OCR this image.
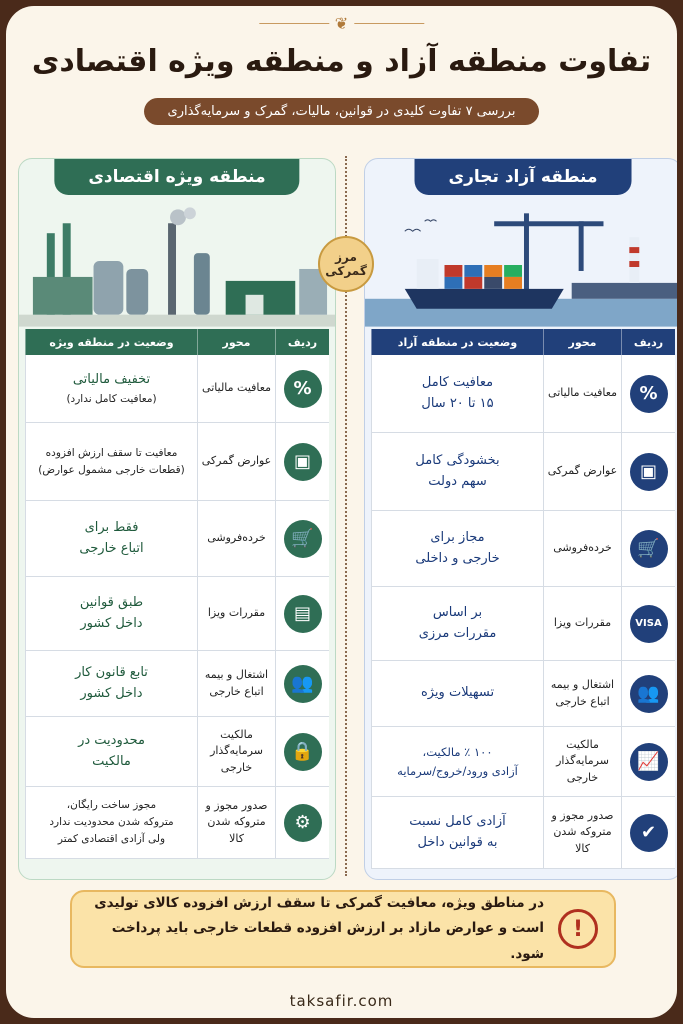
❦
تفاوت منطقه آزاد و منطقه ویژه اقتصادی
بررسی ۷ تفاوت کلیدی در قوانین، مالیات، گمرک و سرمایه‌گذاری
مرز
گمرکی
منطقه ویژه اقتصادی
ردیف
محور
وضعیت در منطقه ویژه
%
معافیت مالیاتی
تخفیف مالیاتی
(معافیت کامل ندارد)
▣
عوارض گمرکی
معافیت تا سقف ارزش افزوده
(قطعات خارجی مشمول عوارض)
🛒
خرده‌فروشی
فقط برای
اتباع خارجی
▤
مقررات ویزا
طبق قوانین
داخل کشور
👥
اشتغال و بیمه اتباع خارجی
تابع قانون کار
داخل کشور
🔒
مالکیت سرمایه‌گذار خارجی
محدودیت در
مالکیت
⚙
صدور مجوز و متروکه شدن کالا
مجوز ساخت رایگان،
متروکه شدن محدودیت ندارد
ولی آزادی اقتصادی کمتر
منطقه آزاد تجاری
ردیف
محور
وضعیت در منطقه آزاد
%
معافیت مالیاتی
معافیت کامل
۱۵ تا ۲۰ سال
▣
عوارض گمرکی
بخشودگی کامل
سهم دولت
🛒
خرده‌فروشی
مجاز برای
خارجی و داخلی
VISA
مقررات ویزا
بر اساس
مقررات مرزی
👥
اشتغال و بیمه اتباع خارجی
تسهیلات ویژه
📈
مالکیت سرمایه‌گذار خارجی
۱۰۰ ٪ مالکیت،
آزادی ورود/خروج/سرمایه
✔
صدور مجوز و متروکه شدن کالا
آزادی کامل نسبت
به قوانین داخل
!
در مناطق ویژه، معافیت گمرکی تا سقف ارزش افزوده کالای تولیدی است و عوارض مازاد بر ارزش افزوده قطعات خارجی باید پرداخت شود.
taksafir.com
